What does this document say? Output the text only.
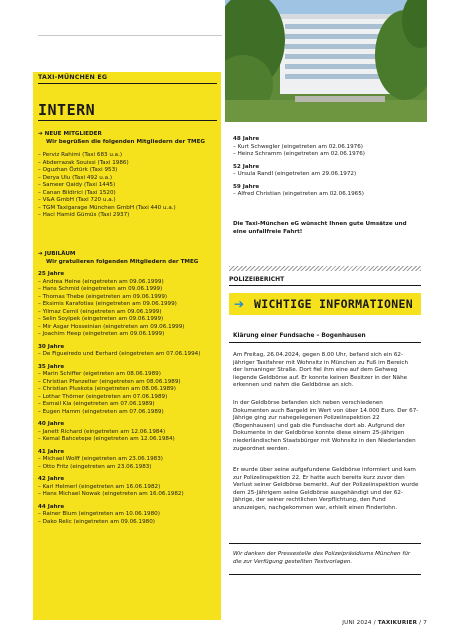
TAXI-MÜNCHEN EG
INTERN
➔ NEUE MITGLIEDER
Wir begrüßen die folgenden Mitgliedern der TMEG
– Perviz Rahimi (Taxi 683 u.a.)
– Abderrazak Souissi (Taxi 1986)
– Oguzhan Öztürk (Taxi 953)
– Derya Ulu (Taxi 492 u.a.)
– Sameer Qaidy (Taxi 1445)
– Canan Bildirici (Taxi 1520)
– V&A GmbH (Taxi 720 u.a.)
– TGM Taxigarage München GmbH (Taxi 440 u.a.)
– Haci Hamid Gümüs (Taxi 2937)
➔ JUBILÄUM
Wir gratulieren folgenden Mitgliedern der TMEG
25 Jahre
– Andrea Heine (eingetreten am 09.06.1999)
– Hans Schmid (eingetreten am 09.06.1999)
– Thomas Thebe (eingetreten am 09.06.1999)
– Eksimis Karafotias (eingetreten am 09.06.1999)
– Yilmaz Cemil (eingetreten am 09.06.1999)
– Selin Soylpek (eingetreten am 09.06.1999)
– Mir Asgar Hosseinian (eingetreten am 09.06.1999)
– Joachim Heep (eingetreten am 09.06.1999)
30 Jahre
– De Figueiredo und Eerhard (eingetreten am 07.06.1994)
35 Jahre
– Marin Schiffer (eigetreten am 08.06.1989)
– Christian Pfanzelter (eingetreten am 08.06.1989)
– Christian Pluskota (eingetreten am 08.06.1989)
– Lothar Thörner (eingetreten am 07.06.1989)
– Esmail Kia (eingetreten am 07.06.1989)
– Eugen Hamm (eingetreten am 07.06.1989)
40 Jahre
– Janett Richard (eingetreten am 12.06.1984)
– Kemal Bahcetepe (eingetreten am 12.06.1984)
41 Jahre
– Michael Wolff (eingetreten am 23.06.1983)
– Otto Fritz (eingetreten am 23.06.1983)
42 Jahre
– Karl Helmerl (eingetreten am 16.06.1982)
– Hans Michael Nowak (eingetreten am 16.06.1982)
44 Jahre
– Rainer Blum (eingetreten am 10.06.1980)
– Dako Relic (eingetreten am 09.06.1980)
48 Jahre
– Kurt Schwegler (eingetreten am 02.06.1976)
– Heinz Schramm (eingetreten am 02.06.1976)
52 Jahre
– Ursula Randl (eingetreten am 29.06.1972)
59 Jahre
– Alfred Christian (eingetreten am 02.06.1965)
Die Taxi-München eG wünscht Ihnen gute Umsätze und eine unfallfreie Fahrt!
POLIZEIBERICHT
➔ WICHTIGE INFORMATIONEN
Klärung einer Fundsache – Bogenhausen
Am Freitag, 26.04.2024, gegen 8.00 Uhr, befand sich ein 62-jähriger Taxifahrer mit Wohnsitz in München zu Fuß im Bereich der Ismaninger Straße. Dort fiel ihm eine auf dem Gehweg liegende Geldbörse auf. Er konnte keinen Besitzer in der Nähe erkennen und nahm die Geldbörse an sich.
In der Geldbörse befanden sich neben verschiedenen Dokumenten auch Bargeld im Wert von über 14.000 Euro. Der 67-Jährige ging zur nahegelegenen Polizeiinspektion 22 (Bogenhausen) und gab die Fundsache dort ab. Aufgrund der Dokumente in der Geldbörse konnte diese einem 25-jährigen niederländischen Staatsbürger mit Wohnsitz in den Niederlanden zugeordnet werden.
Er wurde über seine aufgefundene Geldbörse informiert und kam zur Polizeiinspektion 22. Er hatte auch bereits kurz zuvor den Verlust seiner Geldbörse bemerkt. Auf der Polizeiinspektion wurde dem 25-Jährigem seine Geldbörse ausgehändigt und der 62-Jährige, der seiner rechtlichen Verpflichtung, den Fund anzuzeigen, nachgekommen war, erhielt einen Finderlohn.
Wir danken der Pressestelle des Polizeipräsidiums München für die zur Verfügung gestellten Textvorlagen.
JUNI 2024 / TAXIKURIER / 7
